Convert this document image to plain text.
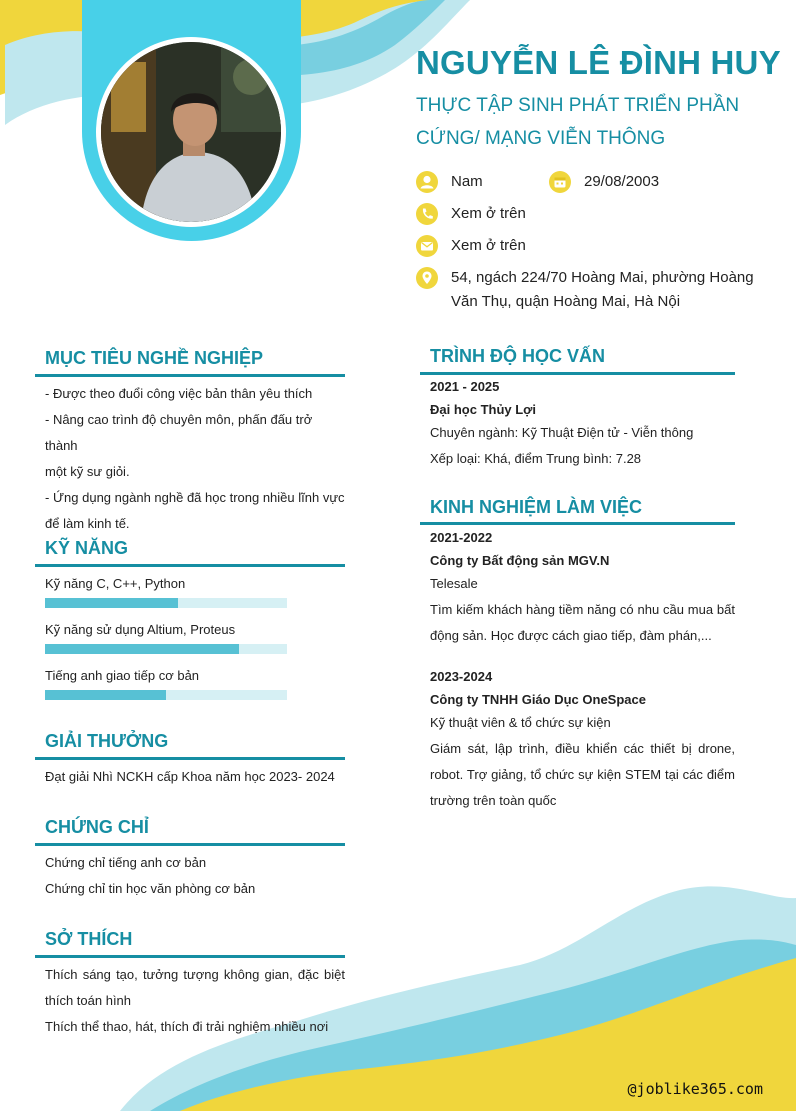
NGUYỄN LÊ ĐÌNH HUY
THỰC TẬP SINH PHÁT TRIỂN PHẦN
CỨNG/ MẠNG VIỄN THÔNG
Nam	29/08/2003
Xem ở trên
Xem ở trên
54, ngách 224/70 Hoàng Mai, phường Hoàng
Văn Thụ, quận Hoàng Mai, Hà Nội
MỤC TIÊU NGHỀ NGHIỆP
- Được theo đuổi công việc bản thân yêu thích
- Nâng cao trình độ chuyên môn, phấn đấu trở thành
một kỹ sư giỏi.
- Ứng dụng ngành nghề đã học trong nhiều lĩnh vực
để làm kinh tế.
KỸ NĂNG
Kỹ năng C, C++, Python
Kỹ năng sử dụng Altium, Proteus
Tiếng anh giao tiếp cơ bản
GIẢI THƯỞNG
Đạt giải Nhì NCKH cấp Khoa năm học 2023- 2024
CHỨNG CHỈ
Chứng chỉ tiếng anh cơ bản
Chứng chỉ tin học văn phòng cơ bản
SỞ THÍCH
Thích sáng tạo, tưởng tượng không gian, đặc biệt
thích toán hình
Thích thể thao, hát, thích đi trải nghiệm nhiều nơi
TRÌNH ĐỘ HỌC VẤN
2021 - 2025
Đại học Thủy Lợi
Chuyên ngành: Kỹ Thuật Điện tử - Viễn thông
Xếp loại: Khá, điểm Trung bình: 7.28
KINH NGHIỆM LÀM VIỆC
2021-2022
Công ty Bất động sản MGV.N
Telesale
Tìm kiếm khách hàng tiềm năng có nhu cầu mua bất
động sản. Học được cách giao tiếp, đàm phán,...
2023-2024
Công ty TNHH Giáo Dục OneSpace
Kỹ thuật viên & tổ chức sự kiện
Giám sát, lập trình, điều khiển các thiết bị drone,
robot. Trợ giảng, tổ chức sự kiện STEM tại các điểm
trường trên toàn quốc
@joblike365.com
